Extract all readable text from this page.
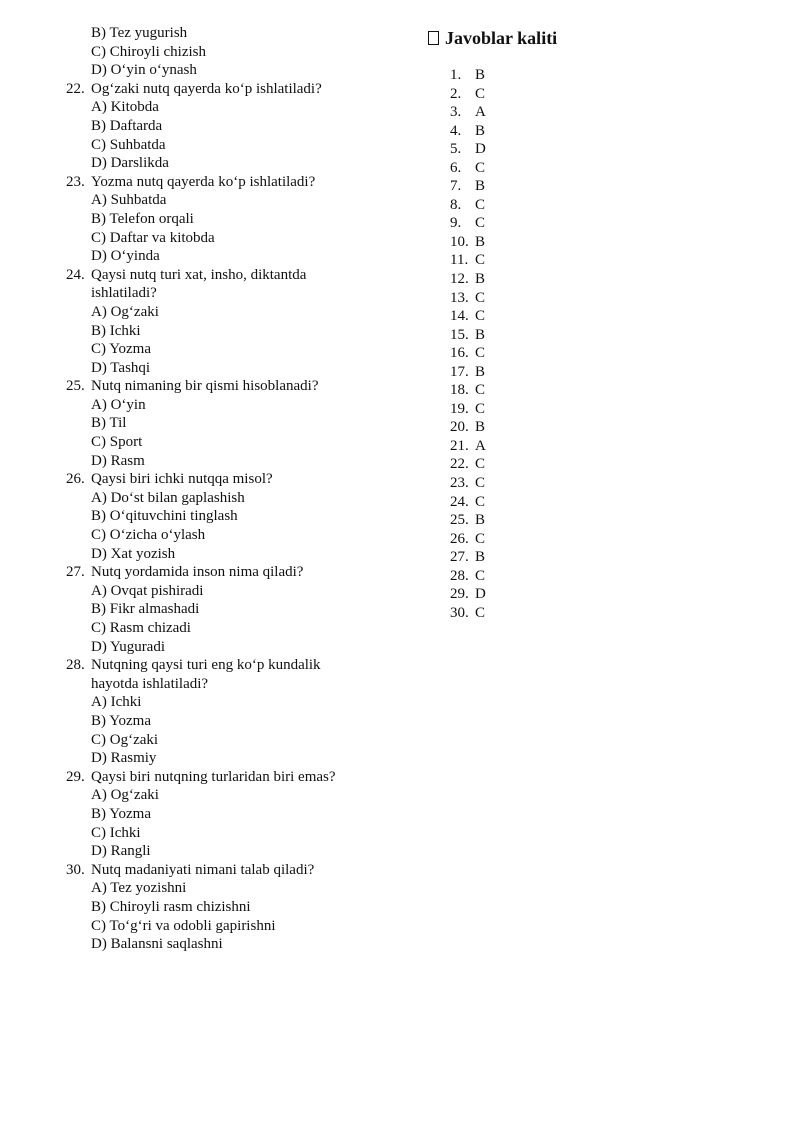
B) Tez yugurish
C) Chiroyli chizish
D) O‘yin o‘ynash
22. Og‘zaki nutq qayerda ko‘p ishlatiladi?
A) Kitobda
B) Daftarda
C) Suhbatda
D) Darslikda
23. Yozma nutq qayerda ko‘p ishlatiladi?
A) Suhbatda
B) Telefon orqali
C) Daftar va kitobda
D) O‘yinda
24. Qaysi nutq turi xat, insho, diktantda
ishlatiladi?
A) Og‘zaki
B) Ichki
C) Yozma
D) Tashqi
25. Nutq nimaning bir qismi hisoblanadi?
A) O‘yin
B) Til
C) Sport
D) Rasm
26. Qaysi biri ichki nutqqa misol?
A) Do‘st bilan gaplashish
B) O‘qituvchini tinglash
C) O‘zicha o‘ylash
D) Xat yozish
27. Nutq yordamida inson nima qiladi?
A) Ovqat pishiradi
B) Fikr almashadi
C) Rasm chizadi
D) Yuguradi
28. Nutqning qaysi turi eng ko‘p kundalik
hayotda ishlatiladi?
A) Ichki
B) Yozma
C) Og‘zaki
D) Rasmiy
29. Qaysi biri nutqning turlaridan biri emas?
A) Og‘zaki
B) Yozma
C) Ichki
D) Rangli
30. Nutq madaniyati nimani talab qiladi?
A) Tez yozishni
B) Chiroyli rasm chizishni
C) To‘g‘ri va odobli gapirishni
D) Balansni saqlashni
Javoblar kaliti
1. B
2. C
3. A
4. B
5. D
6. C
7. B
8. C
9. C
10. B
11. C
12. B
13. C
14. C
15. B
16. C
17. B
18. C
19. C
20. B
21. A
22. C
23. C
24. C
25. B
26. C
27. B
28. C
29. D
30. C
